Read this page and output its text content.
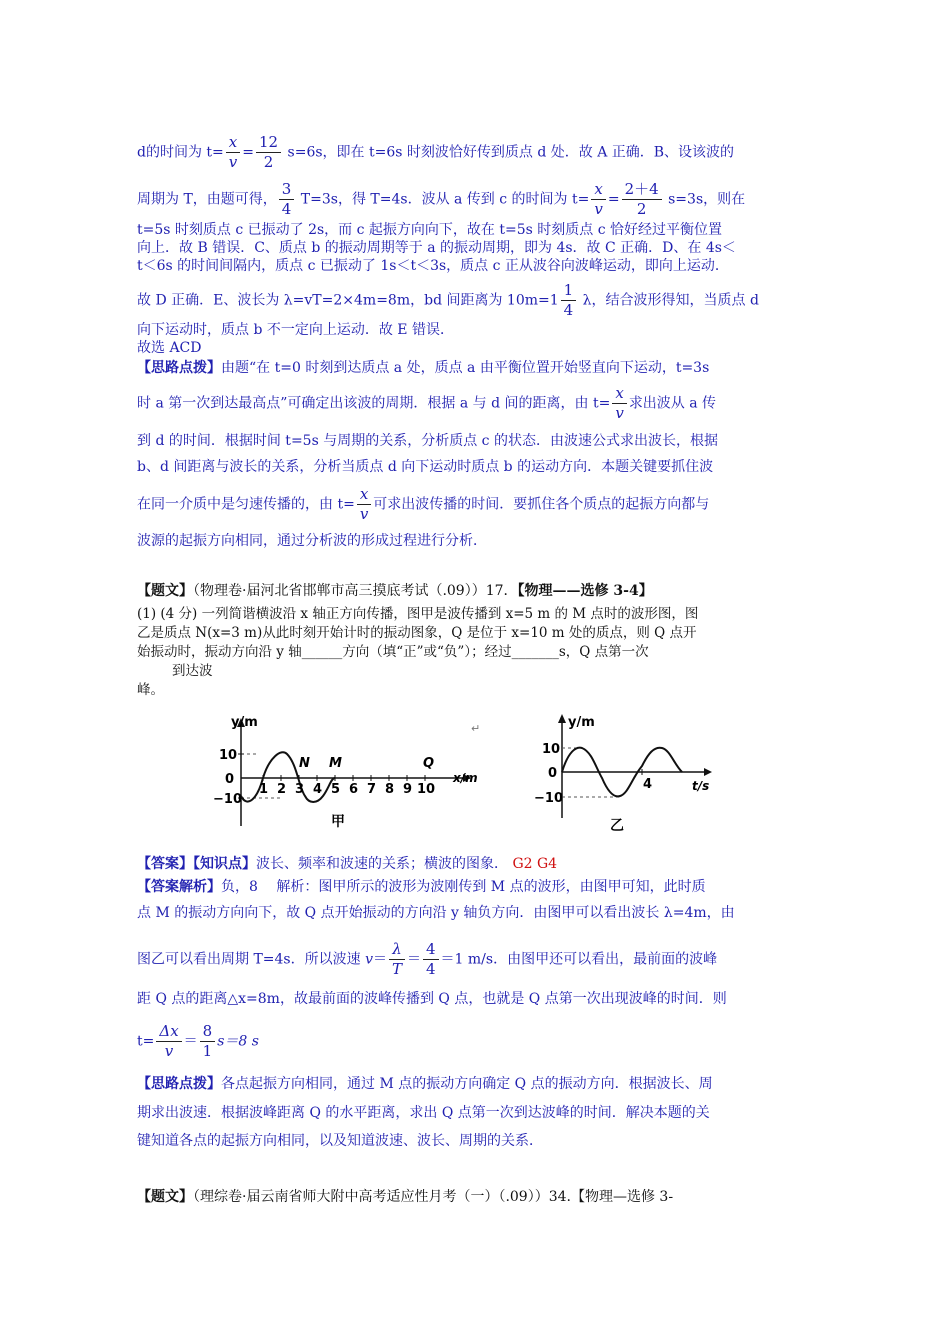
d的时间为 $t= \frac{x}{v} = \frac{12}{2} s=6s$，即在 t=6s 时刻波恰好传到质点 d 处．故 A 正确．B、设该波的
周期为 T，由题可得， $\frac{3}{4} T=3s$，得 T=4s．波从 a 传到 c 的时间为 $t= \frac{x}{v} = \frac{2+4}{2} s=3s$，则在
t=5s 时刻质点 c 已振动了 2s，而 c 起振方向向下，故在 t=5s 时刻质点 c 恰好经过平衡位置
向上．故 B 错误．C、质点 b 的振动周期等于 a 的振动周期，即为 4s．故 C 正确．D、在 4s＜
t＜6s 的时间间隔内，质点 c 已振动了 1s＜t＜3s，质点 c 正从波谷向波峰运动，即向上运动．
故 D 正确．E、波长为 λ=vT=2×4m=8m，bd 间距离为 $10m=1 \frac{1}{4}$ λ，结合波形得知，当质点 d
向下运动时，质点 b 不一定向上运动．故 E 错误．
故选 ACD
【思路点拨】由题“在 t=0 时刻到达质点 a 处，质点 a 由平衡位置开始竖直向下运动，t=3s
时 a 第一次到达最高点”可确定出该波的周期．根据 a 与 d 间的距离，由 $t= \frac{x}{v}$ 求出波从 a 传
到 d 的时间．根据时间 t=5s 与周期的关系，分析质点 c 的状态．由波速公式求出波长，根据
b、d 间距离与波长的关系，分析当质点 d 向下运动时质点 b 的运动方向．本题关键要抓住波
在同一介质中是匀速传播的，由 $t= \frac{x}{v}$ 可求出波传播的时间．要抓住各个质点的起振方向都与
波源的起振方向相同，通过分析波的形成过程进行分析．
【题文】（物理卷·届河北省邯郸市高三摸底考试（.09））17．【物理——选修 3-4】
(1) (4 分) 一列简谐横波沿 x 轴正方向传播，图甲是波传播到 x=5 m 的 M 点时的波形图，图
乙是质点 N(x=3 m)从此时刻开始计时的振动图象，Q 是位于 x=10 m 处的质点，则 Q 点开
始振动时，振动方向沿 y 轴______方向（填“正”或“负”）；经过_______s，Q 点第一次
到达波
峰。
y/m
x/m
10
0
−10
1 2 3 4 5 6 7 8 9 10
N M	Q
甲
↵	y/m
t/s
10
0
−10
4
乙
【答案】【知识点】波长、频率和波速的关系；横波的图象． G2 G4
【答案解析】负，8　 解析：图甲所示的波形为波刚传到 M 点的波形，由图甲可知，此时质
点 M 的振动方向向下，故 Q 点开始振动的方向沿 y 轴负方向．由图甲可以看出波长 λ=4m，由
图乙可以看出周期 T=4s．所以波速 $v= \frac{\lambda}{T} = \frac{4}{4} =1$ m/s．由图甲还可以看出，最前面的波峰
距 Q 点的距离△x=8m，故最前面的波峰传播到 Q 点，也就是 Q 点第一次出现波峰的时间．则
$t= \frac{\Delta x}{v} = \frac{8}{1} s=8$ s
【思路点拨】各点起振方向相同，通过 M 点的振动方向确定 Q 点的振动方向．根据波长、周
期求出波速．根据波峰距离 Q 的水平距离，求出 Q 点第一次到达波峰的时间．解决本题的关
键知道各点的起振方向相同，以及知道波速、波长、周期的关系．
【题文】（理综卷·届云南省师大附中高考适应性月考（一）（.09））34.【物理—选修 3-
